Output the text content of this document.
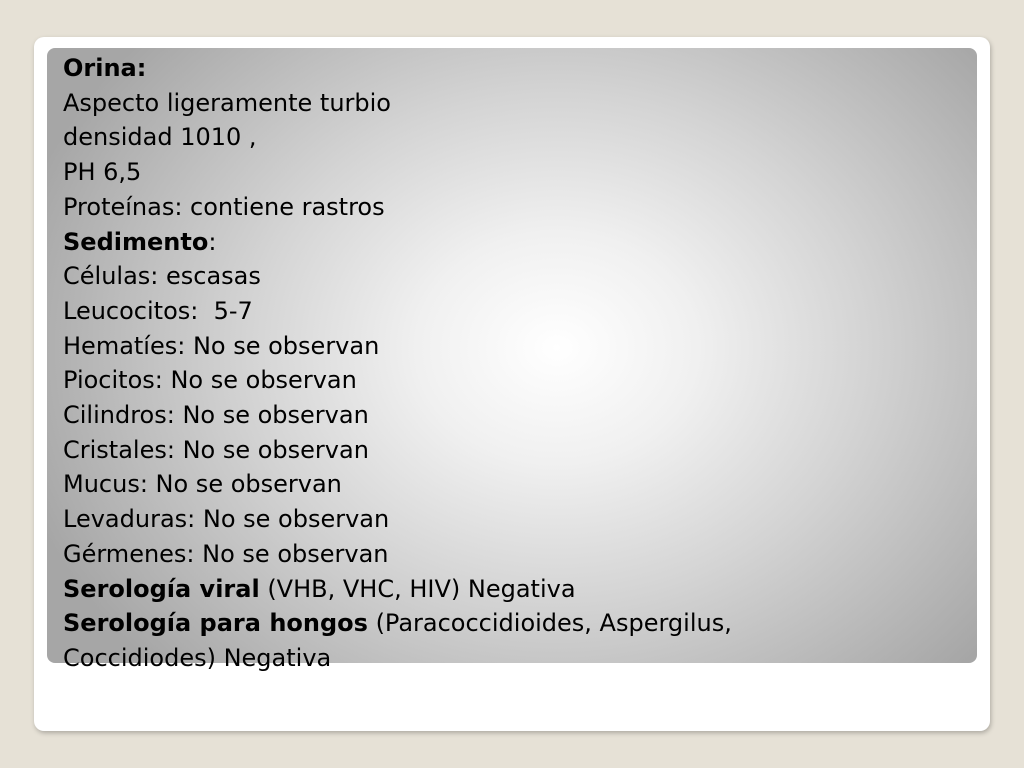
Orina:
Aspecto ligeramente turbio
densidad 1010 ,
PH 6,5
Proteínas: contiene rastros
Sedimento:
Células: escasas
Leucocitos:  5-7
Hematíes: No se observan
Piocitos: No se observan
Cilindros: No se observan
Cristales: No se observan
Mucus: No se observan
Levaduras: No se observan
Gérmenes: No se observan
Serología viral (VHB, VHC, HIV) Negativa
Serología para hongos (Paracoccidioides, Aspergilus,
Coccidiodes) Negativa
